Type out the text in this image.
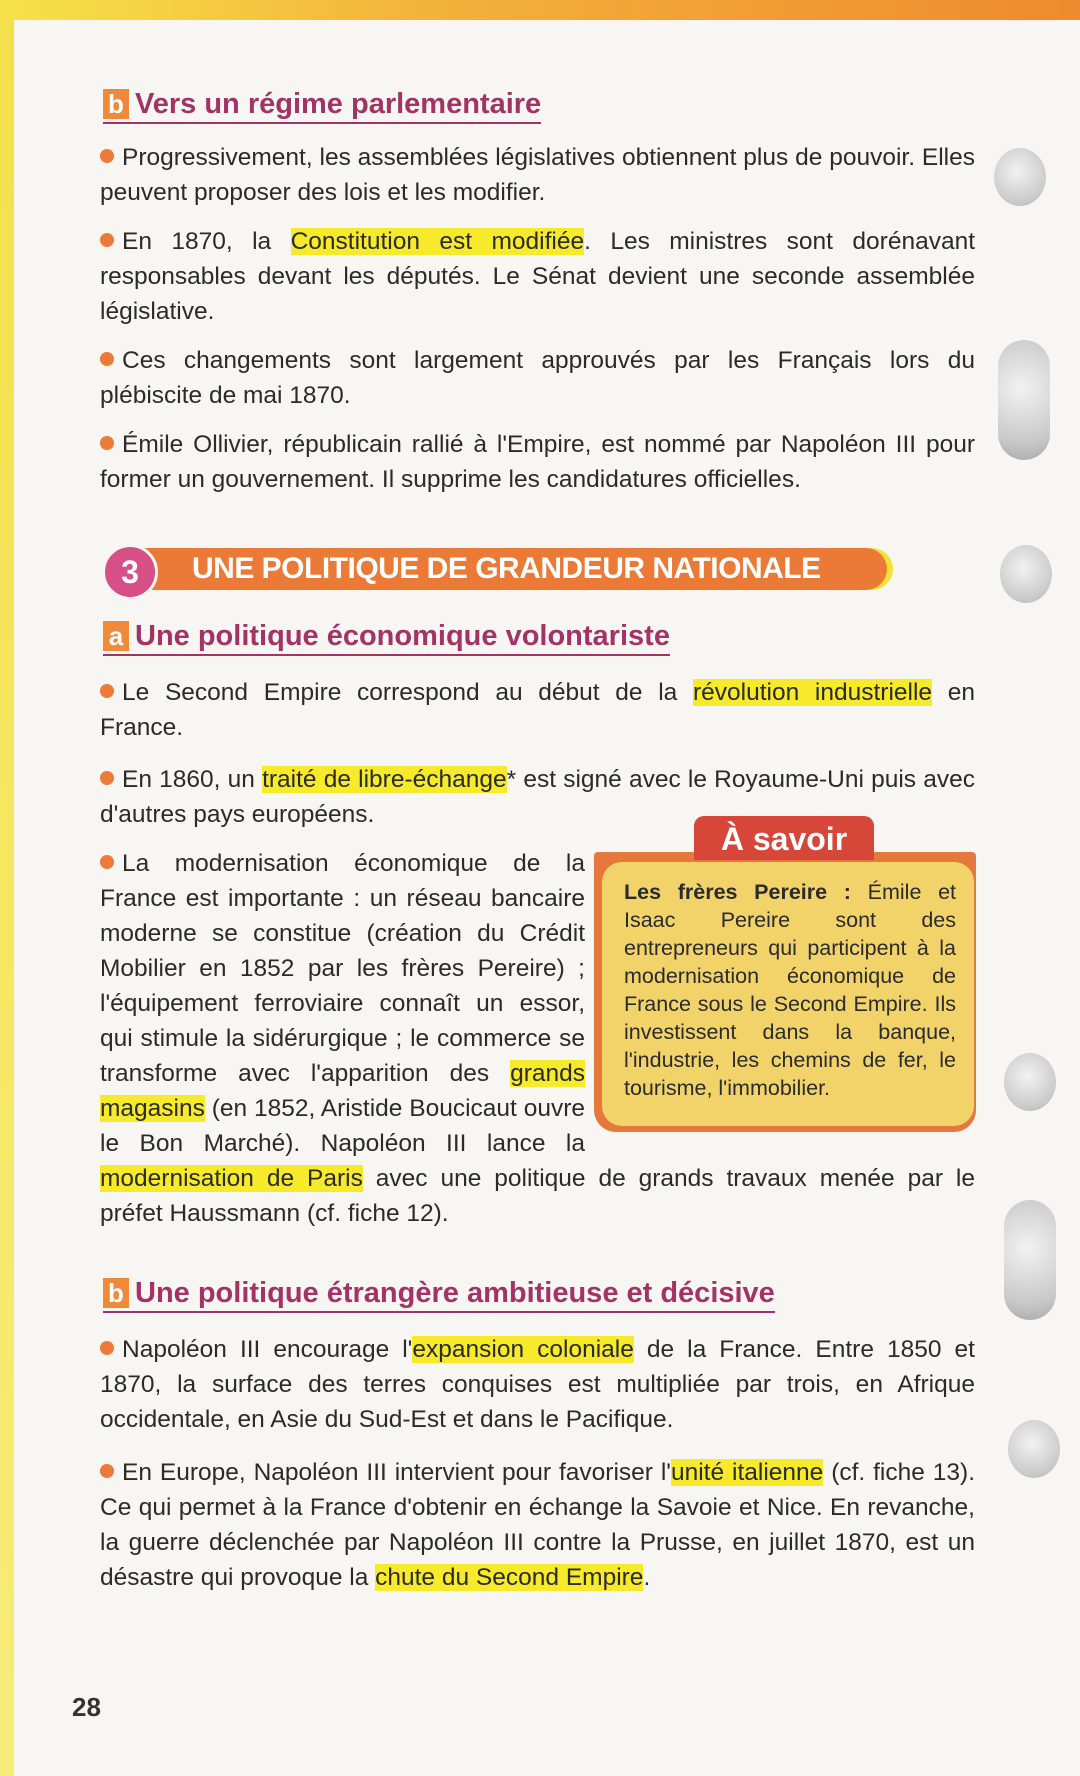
b Vers un régime parlementaire
Progressivement, les assemblées législatives obtiennent plus de pouvoir. Elles peuvent proposer des lois et les modifier.
En 1870, la Constitution est modifiée. Les ministres sont dorénavant responsables devant les députés. Le Sénat devient une seconde assemblée législative.
Ces changements sont largement approuvés par les Français lors du plébiscite de mai 1870.
Émile Ollivier, républicain rallié à l'Empire, est nommé par Napoléon III pour former un gouvernement. Il supprime les candidatures officielles.
3	UNE POLITIQUE DE GRANDEUR NATIONALE
a Une politique économique volontariste
Le Second Empire correspond au début de la révolution industrielle en France.
En 1860, un traité de libre-échange* est signé avec le Royaume-Uni puis avec d'autres pays européens.
La modernisation économique de la France est importante : un réseau bancaire moderne se constitue (création du Crédit Mobilier en 1852 par les frères Pereire) ; l'équipement ferroviaire connaît un essor, qui stimule la sidérurgique ; le commerce se transforme avec l'apparition des grands magasins (en 1852, Aristide Boucicaut ouvre le Bon Marché). Napoléon III lance la modernisation de Paris avec une politique de grands travaux menée par le préfet Haussmann (cf. fiche 12).
À savoir
Les frères Pereire : Émile et Isaac Pereire sont des entrepreneurs qui participent à la modernisation économique de France sous le Second Empire. Ils investissent dans la banque, l'industrie, les chemins de fer, le tourisme, l'immobilier.
b Une politique étrangère ambitieuse et décisive
Napoléon III encourage l'expansion coloniale de la France. Entre 1850 et 1870, la surface des terres conquises est multipliée par trois, en Afrique occidentale, en Asie du Sud-Est et dans le Pacifique.
En Europe, Napoléon III intervient pour favoriser l'unité italienne (cf. fiche 13). Ce qui permet à la France d'obtenir en échange la Savoie et Nice. En revanche, la guerre déclenchée par Napoléon III contre la Prusse, en juillet 1870, est un désastre qui provoque la chute du Second Empire.
28
